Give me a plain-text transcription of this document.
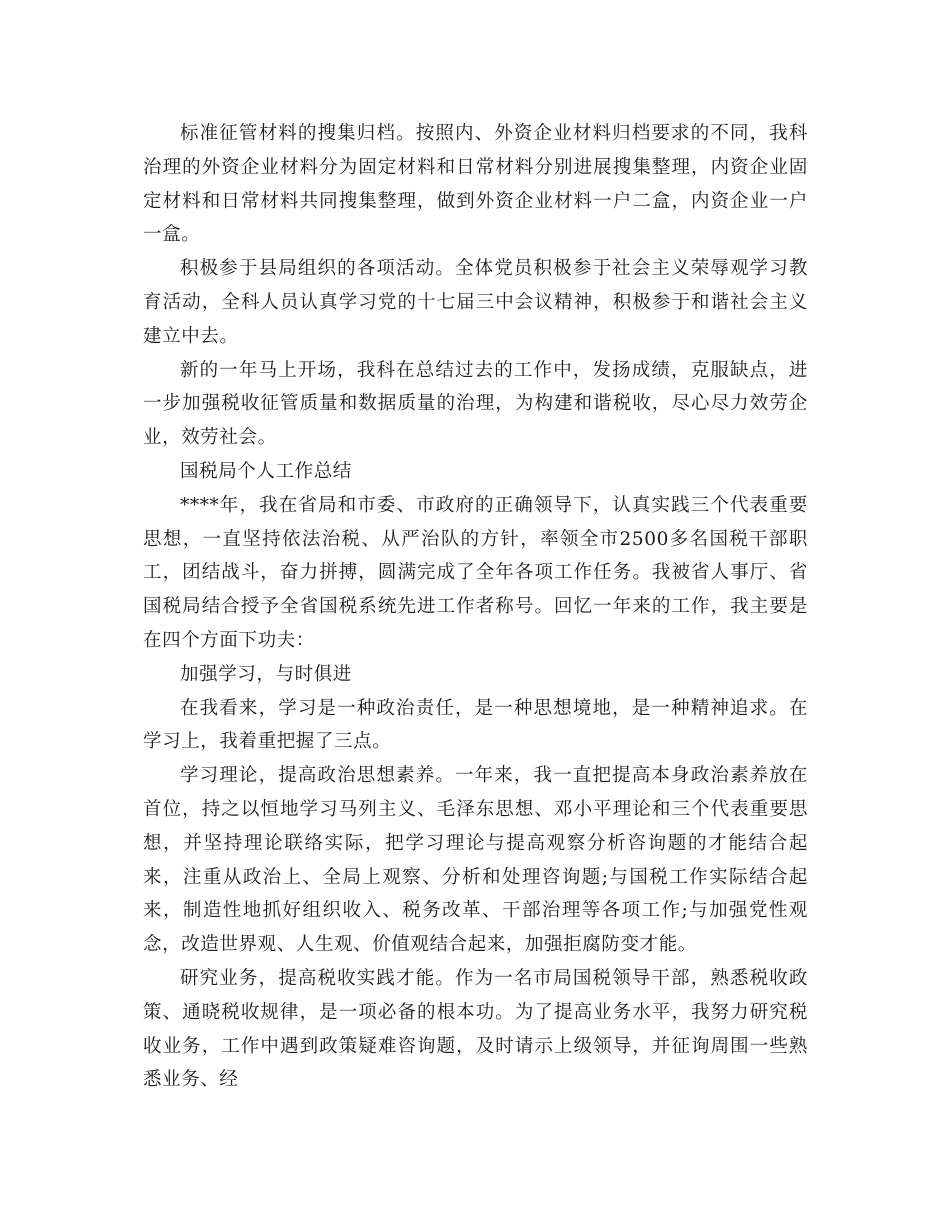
标准征管材料的搜集归档。按照内、外资企业材料归档要求的不同，我科治理的外资企业材料分为固定材料和日常材料分别进展搜集整理，内资企业固定材料和日常材料共同搜集整理，做到外资企业材料一户二盒，内资企业一户一盒。

积极参于县局组织的各项活动。全体党员积极参于社会主义荣辱观学习教育活动，全科人员认真学习党的十七届三中会议精神，积极参于和谐社会主义建立中去。

新的一年马上开场，我科在总结过去的工作中，发扬成绩，克服缺点，进一步加强税收征管质量和数据质量的治理，为构建和谐税收，尽心尽力效劳企业，效劳社会。

国税局个人工作总结

****年，我在省局和市委、市政府的正确领导下，认真实践三个代表重要思想，一直坚持依法治税、从严治队的方针，率领全市2500多名国税干部职工，团结战斗，奋力拼搏，圆满完成了全年各项工作任务。我被省人事厅、省国税局结合授予全省国税系统先进工作者称号。回忆一年来的工作，我主要是在四个方面下功夫：

加强学习，与时俱进

在我看来，学习是一种政治责任，是一种思想境地，是一种精神追求。在学习上，我着重把握了三点。

学习理论，提高政治思想素养。一年来，我一直把提高本身政治素养放在首位，持之以恒地学习马列主义、毛泽东思想、邓小平理论和三个代表重要思想，并坚持理论联络实际，把学习理论与提高观察分析咨询题的才能结合起来，注重从政治上、全局上观察、分析和处理咨询题;与国税工作实际结合起来，制造性地抓好组织收入、税务改革、干部治理等各项工作;与加强党性观念，改造世界观、人生观、价值观结合起来，加强拒腐防变才能。

研究业务，提高税收实践才能。作为一名市局国税领导干部，熟悉税收政策、通晓税收规律，是一项必备的根本功。为了提高业务水平，我努力研究税收业务，工作中遇到政策疑难咨询题，及时请示上级领导，并征询周围一些熟悉业务、经
